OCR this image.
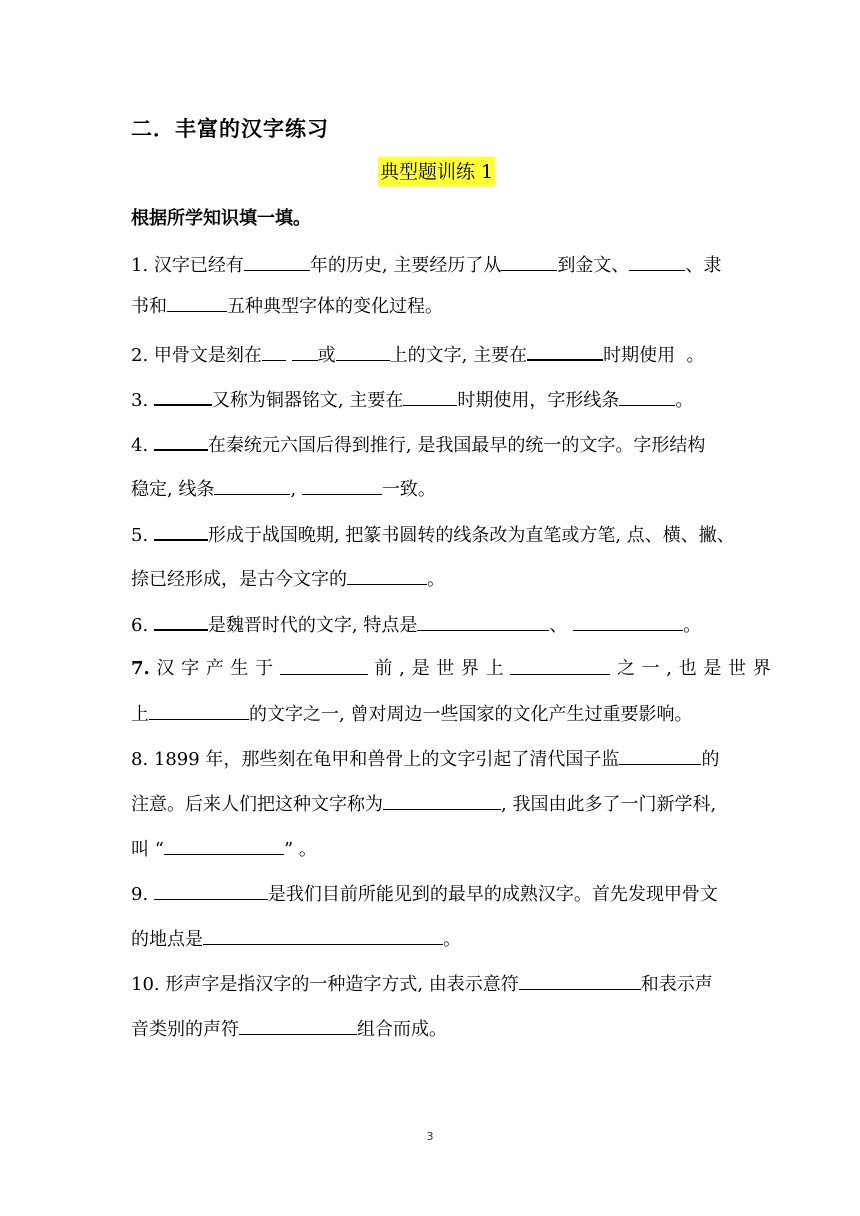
二．丰富的汉字练习
典型题训练 1
根据所学知识填一填。
1. 汉字已经有	年的历史, 主要经历了从	到金文、	、隶
书和	五种典型字体的变化过程。
2. 甲骨文是刻在	或	上的文字, 主要在	时期使用 。
3.	又称为铜器铭文, 主要在	时期使用，字形线条	。
4.	在秦统元六国后得到推行, 是我国最早的统一的文字。字形结构
稳定, 线条	,	一致。
5.	形成于战国晚期, 把篆书圆转的线条改为直笔或方笔, 点、横、撇、
捺已经形成，是古今文字的	。
6.	是魏晋时代的文字, 特点是	、	。
7. 汉 字 产 生 于	前 , 是 世 界 上	之 一 , 也 是 世 界
上	的文字之一, 曾对周边一些国家的文化产生过重要影响。
8. 1899 年，那些刻在龟甲和兽骨上的文字引起了清代国子监	的
注意。后来人们把这种文字称为	, 我国由此多了一门新学科,
叫 “	” 。
9.	是我们目前所能见到的最早的成熟汉字。首先发现甲骨文
的地点是	。
10. 形声字是指汉字的一种造字方式, 由表示意符	和表示声
音类别的声符	组合而成。
3
